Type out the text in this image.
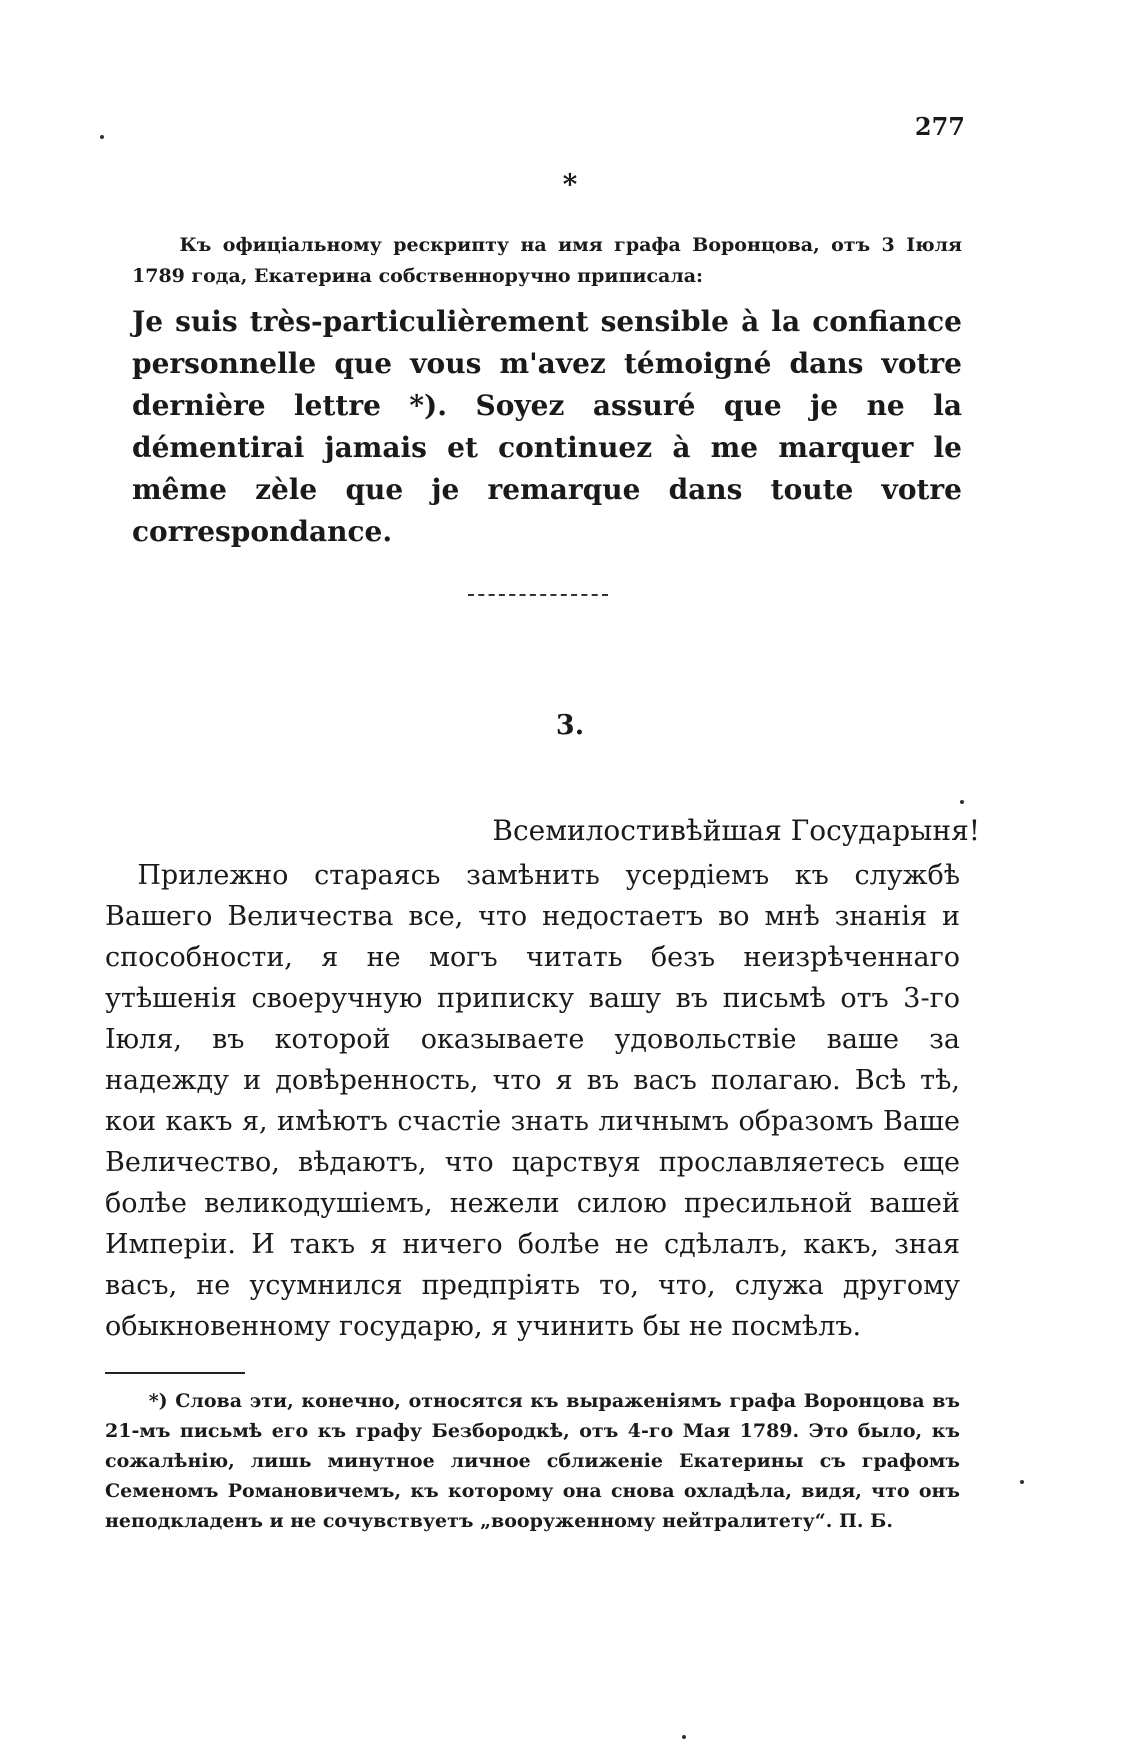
277
*
Къ офиціальному рескрипту на имя графа Воронцова, отъ 3 Іюля 1789 года, Екатерина собственноручно приписала:

Je suis très-particulièrement sensible à la confiance personnelle que vous m'avez témoigné dans votre dernière lettre *). Soyez assuré que je ne la démentirai jamais et continuez à me marquer le même zèle que je remarque dans toute votre correspondance.

3.
Всемилостивѣйшая Государыня!
Прилежно стараясь замѣнить усердіемъ къ службѣ Вашего Величества все, что недостаетъ во мнѣ знанія и способности, я не могъ читать безъ неизрѣченнаго утѣшенія своеручную приписку вашу въ письмѣ отъ 3-го Іюля, въ которой оказываете удовольствіе ваше за надежду и довѣренность, что я въ васъ полагаю. Всѣ тѣ, кои какъ я, имѣютъ счастіе знать личнымъ образомъ Ваше Величество, вѣдаютъ, что царствуя прославляетесь еще болѣе великодушіемъ, нежели силою пресильной вашей Имперіи. И такъ я ничего болѣе не сдѣлалъ, какъ, зная васъ, не усумнился предпріять то, что, служа другому обыкновенному государю, я учинить бы не посмѣлъ.
*) Слова эти, конечно, относятся къ выраженіямъ графа Воронцова въ 21-мъ письмѣ его къ графу Безбородкѣ, отъ 4-го Мая 1789. Это было, къ сожалѣнію, лишь минутное личное сближеніе Екатерины съ графомъ Семеномъ Романовичемъ, къ которому она снова охладѣла, видя, что онъ неподкладенъ и не сочувствуетъ „вооруженному нейтралитету“. П. Б.
